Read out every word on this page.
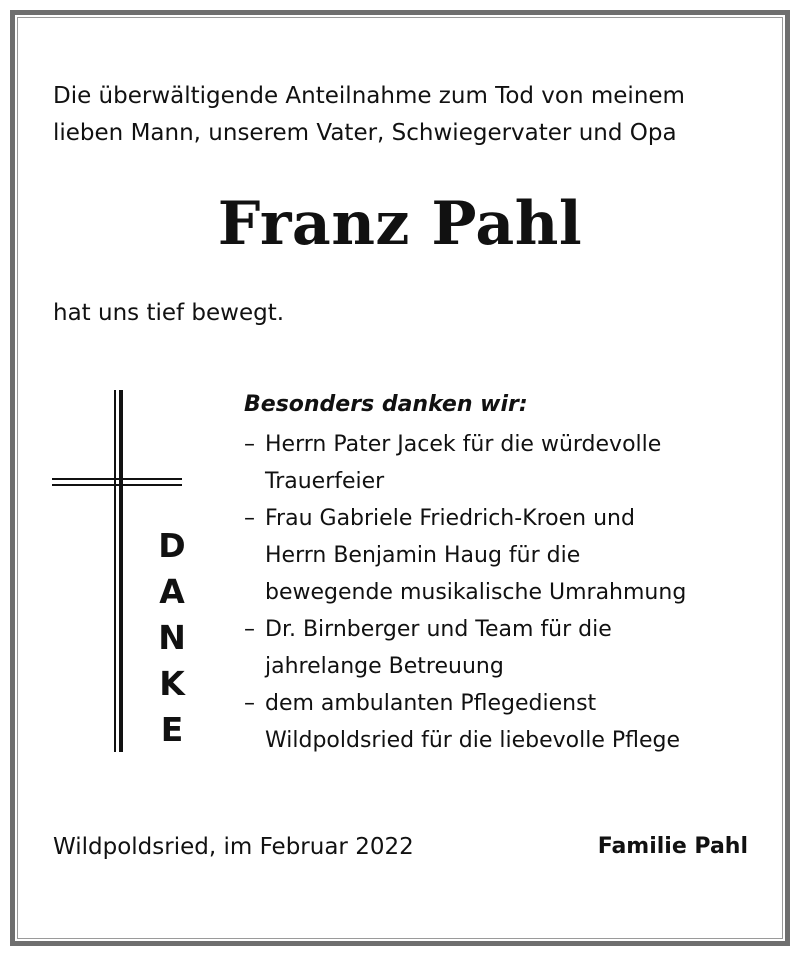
Die überwältigende Anteilnahme zum Tod von meinem
lieben Mann, unserem Vater, Schwiegervater und Opa

Franz Pahl

hat uns tief bewegt.

D
A
N
K
E

Besonders danken wir:

– Herrn Pater Jacek für die würdevolle
Trauerfeier
– Frau Gabriele Friedrich-Kroen und
Herrn Benjamin Haug für die
bewegende musikalische Umrahmung
– Dr. Birnberger und Team für die
jahrelange Betreuung
– dem ambulanten Pflegedienst
Wildpoldsried für die liebevolle Pflege

Wildpoldsried, im Februar 2022	Familie Pahl
